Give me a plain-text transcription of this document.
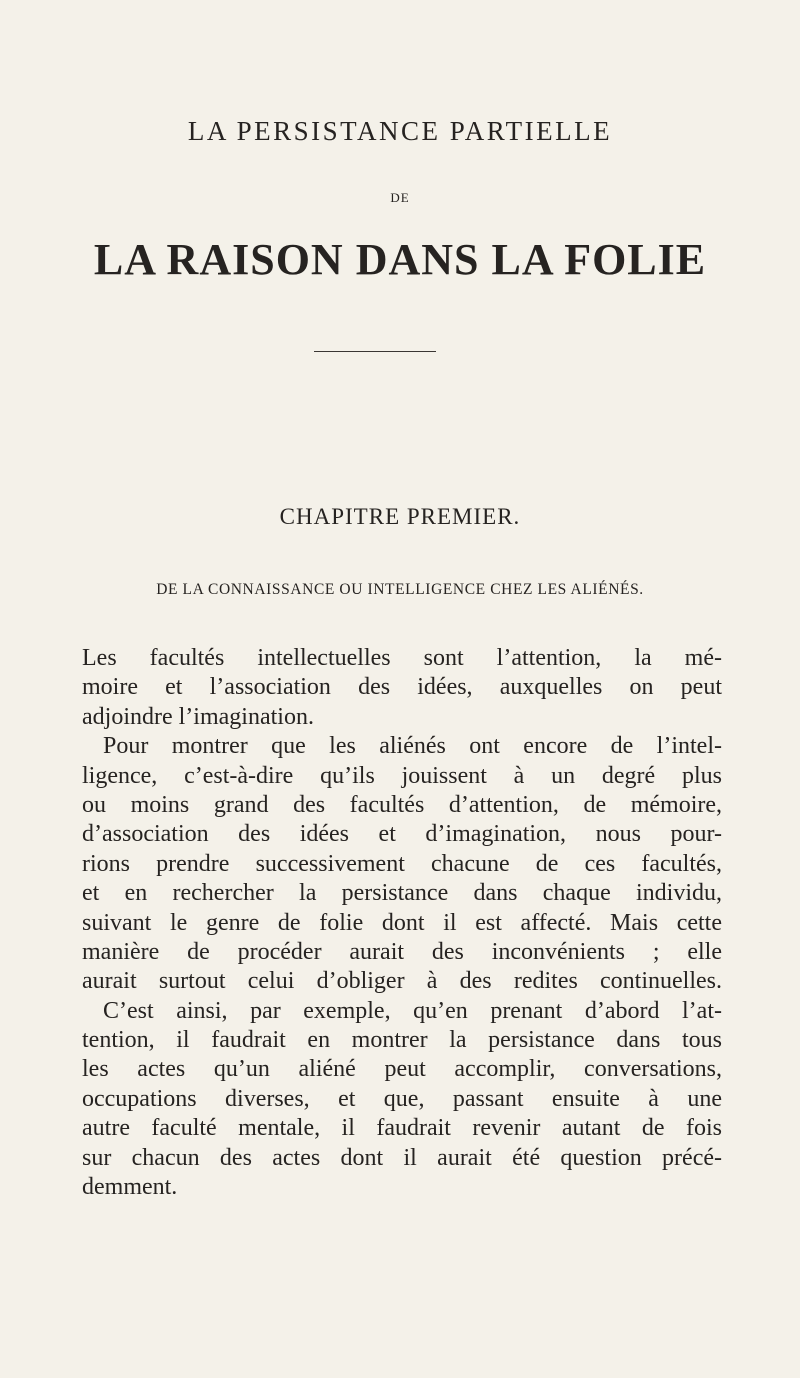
LA PERSISTANCE PARTIELLE
DE
LA RAISON DANS LA FOLIE
CHAPITRE PREMIER.
DE LA CONNAISSANCE OU INTELLIGENCE CHEZ LES ALIÉNÉS.
Les facultés intellectuelles sont l’attention, la mé-
moire et l’association des idées, auxquelles on peut
adjoindre l’imagination.
Pour montrer que les aliénés ont encore de l’intel-
ligence, c’est-à-dire qu’ils jouissent à un degré plus
ou moins grand des facultés d’attention, de mémoire,
d’association des idées et d’imagination, nous pour-
rions prendre successivement chacune de ces facultés,
et en rechercher la persistance dans chaque individu,
suivant le genre de folie dont il est affecté. Mais cette
manière de procéder aurait des inconvénients ; elle
aurait surtout celui d’obliger à des redites continuelles.
C’est ainsi, par exemple, qu’en prenant d’abord l’at-
tention, il faudrait en montrer la persistance dans tous
les actes qu’un aliéné peut accomplir, conversations,
occupations diverses, et que, passant ensuite à une
autre faculté mentale, il faudrait revenir autant de fois
sur chacun des actes dont il aurait été question précé-
demment.
